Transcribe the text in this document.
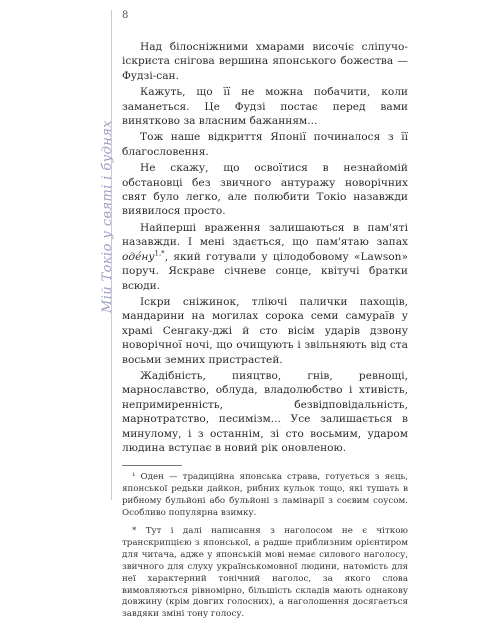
8
Мій Токіо у святі і буднях

Над білосніжними хмарами височіє сліпучо-іскриста снігова вершина японського божества — Фудзі-сан.

Кажуть, що її не можна побачити, коли заманеться. Це Фудзі постає перед вами винятково за власним бажанням...

Тож наше відкриття Японії починалося з її благословення.

Не скажу, що освоїтися в незнайомій обстановці без звичного антуражу новорічних свят було легко, але полюбити Токіо назавжди виявилося просто.

Найперші враження залишаються в пам'яті назавжди. І мені здається, що пам'ятаю запах одéну$^{1,*}$, який готували у цілодобовому «Lawson» поруч. Яскраве січневе сонце, квітучі братки всюди.

Іскри сніжинок, тліючі палички пахощів, мандарини на могилах сорока семи самураїв у храмі Сенгаку-джі й сто вісім ударів дзвону новорічної ночі, що очищують і звільняють від ста восьми земних пристрастей.

Жадібність, пияцтво, гнів, ревнощі, марнославство, облуда, владолюбство і хтивість, непримиренність, безвідповідальність, марнотратство, песимізм... Усе залишається в минулому, і з останнім, зі сто восьмим, ударом людина вступає в новий рік оновленою.

¹ Оден — традиційна японська страва, готується з яєць, японської редьки дайкон, рибних кульок тощо, які тушать в рибному бульйоні або бульйоні з ламінарії з соєвим соусом. Особливо популярна взимку.

* Тут і далі написання з наголосом не є чіткою транскрипцією з японської, а радше приблизним орієнтиром для читача, адже у японській мові немає силового наголосу, звичного для слуху українськомовної людини, натомість для неї характерний тонічний наголос, за якого слова вимовляються рівномірно, більшість складів мають однакову довжину (крім довгих голосних), а наголошення досягається завдяки зміні тону голосу.
